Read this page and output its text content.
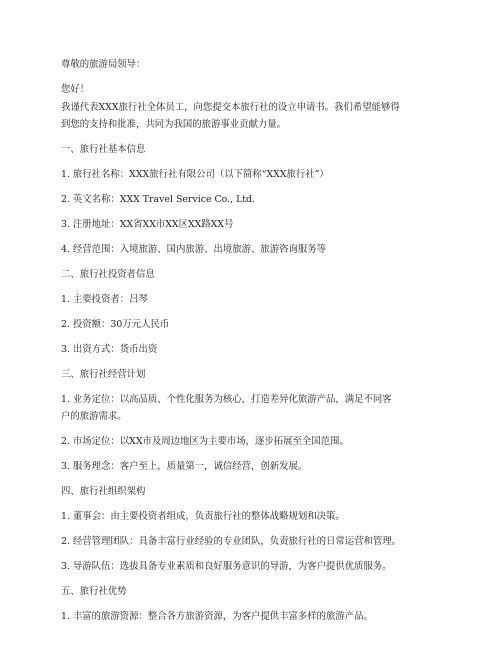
尊敬的旅游局领导：
您好！
我谨代表XXX旅行社全体员工，向您提交本旅行社的设立申请书。我们希望能够得
到您的支持和批准，共同为我国的旅游事业贡献力量。
一、旅行社基本信息
1. 旅行社名称：XXX旅行社有限公司（以下简称“XXX旅行社”）
2. 英文名称：XXX Travel Service Co., Ltd.
3. 注册地址：XX省XX市XX区XX路XX号
4. 经营范围：入境旅游、国内旅游、出境旅游、旅游咨询服务等
二、旅行社投资者信息
1. 主要投资者：吕琴
2. 投资额：30万元人民币
3. 出资方式：货币出资
三、旅行社经营计划
1. 业务定位：以高品质、个性化服务为核心，打造差异化旅游产品，满足不同客
户的旅游需求。
2. 市场定位：以XX市及周边地区为主要市场，逐步拓展至全国范围。
3. 服务理念：客户至上，质量第一，诚信经营，创新发展。
四、旅行社组织架构
1. 董事会：由主要投资者组成，负责旅行社的整体战略规划和决策。
2. 经营管理团队：具备丰富行业经验的专业团队，负责旅行社的日常运营和管理。
3. 导游队伍：选拔具备专业素质和良好服务意识的导游，为客户提供优质服务。
五、旅行社优势
1. 丰富的旅游资源：整合各方旅游资源，为客户提供丰富多样的旅游产品。
